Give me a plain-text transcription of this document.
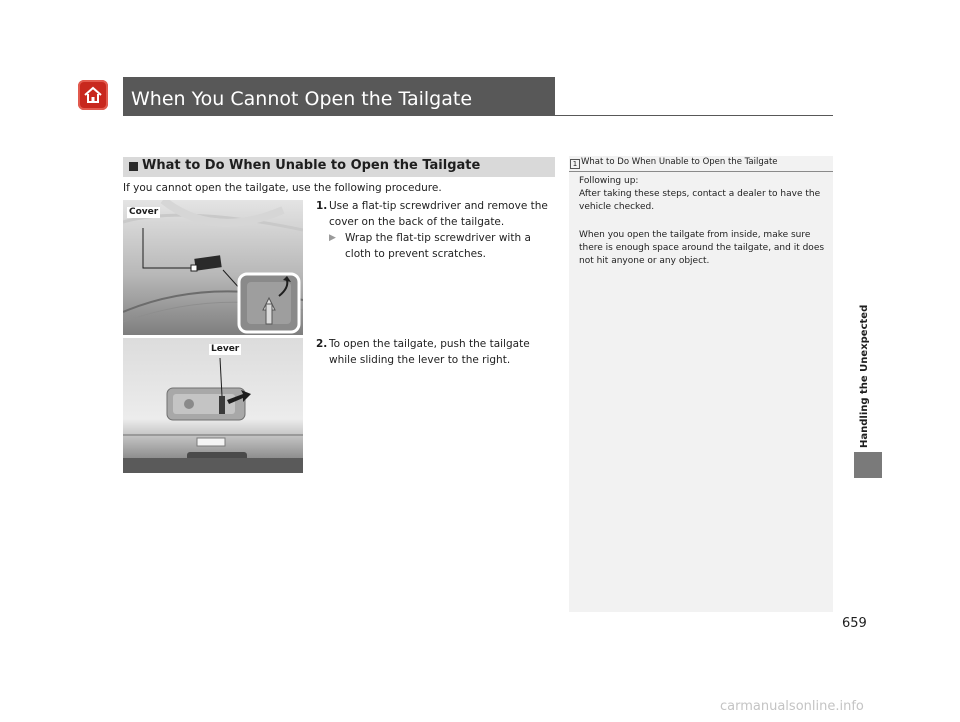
When You Cannot Open the Tailgate
What to Do When Unable to Open the Tailgate
If you cannot open the tailgate, use the following procedure.
1. Use a flat-tip screwdriver and remove the cover on the back of the tailgate.
▶ Wrap the flat-tip screwdriver with a cloth to prevent scratches.
2. To open the tailgate, push the tailgate while sliding the lever to the right.
Cover
Lever
1 What to Do When Unable to Open the Tailgate
Following up:
After taking these steps, contact a dealer to have the vehicle checked.
When you open the tailgate from inside, make sure there is enough space around the tailgate, and it does not hit anyone or any object.
Handling the Unexpected
659
carmanualsonline.info
